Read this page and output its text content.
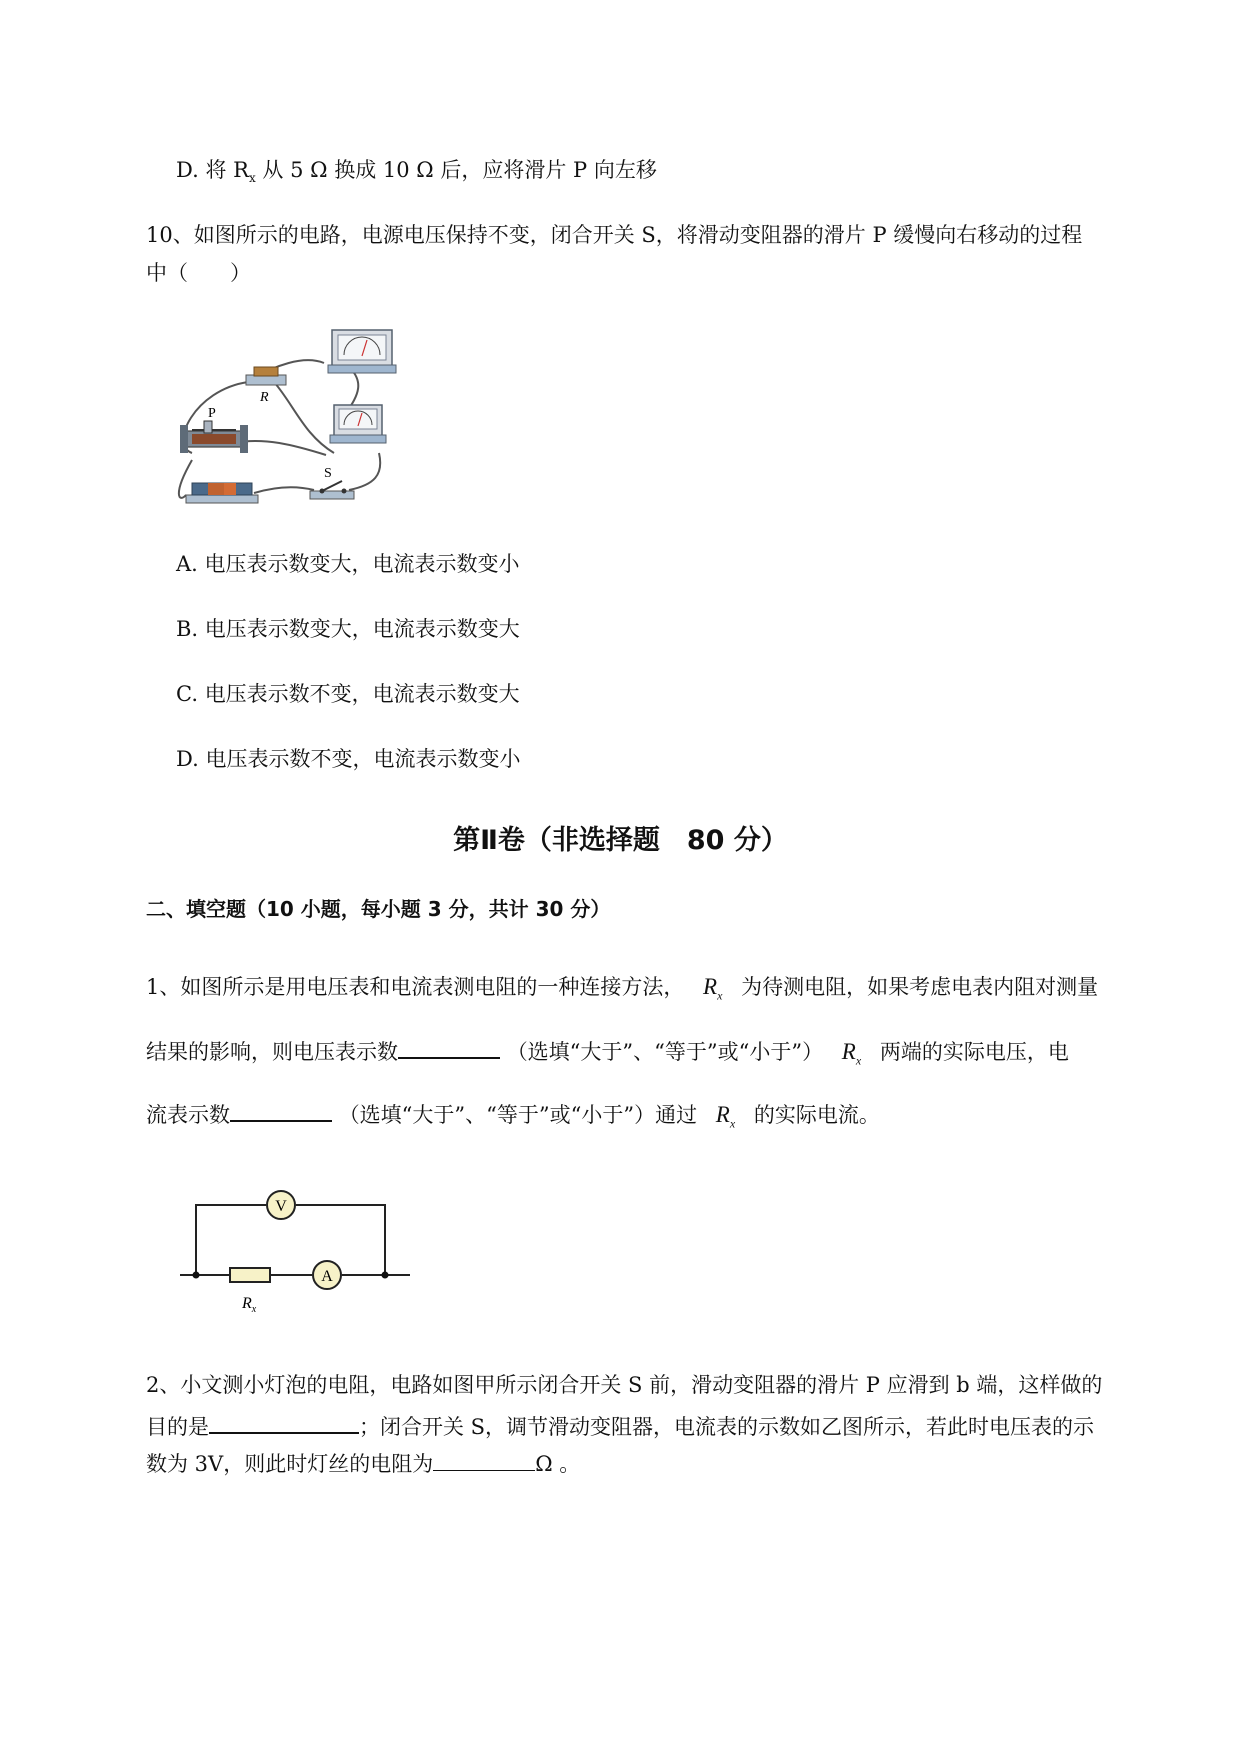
D. 将 $R_x$ 从 5 Ω 换成 10 Ω 后，应将滑片 P 向左移
10、如图所示的电路，电源电压保持不变，闭合开关 S，将滑动变阻器的滑片 P 缓慢向右移动的过程
中（　　）
R
P
S
A. 电压表示数变大，电流表示数变小
B. 电压表示数变大，电流表示数变大
C. 电压表示数不变，电流表示数变大
D. 电压表示数不变，电流表示数变小
第Ⅱ卷（非选择题　80 分）
二、填空题（10 小题，每小题 3 分，共计 30 分）
1、如图所示是用电压表和电流表测电阻的一种连接方法， $R_x$ 为待测电阻，如果考虑电表内阻对测量
结果的影响，则电压表示数	（选填“大于”、“等于”或“小于”） $R_x$ 两端的实际电压，电
流表示数	（选填“大于”、“等于”或“小于”）通过 $R_x$ 的实际电流。
V
A
$R_x$
2、小文测小灯泡的电阻，电路如图甲所示闭合开关 S 前，滑动变阻器的滑片 P 应滑到 b 端，这样做的
目的是	；闭合开关 S，调节滑动变阻器，电流表的示数如乙图所示，若此时电压表的示
数为 3V，则此时灯丝的电阻为	Ω 。
